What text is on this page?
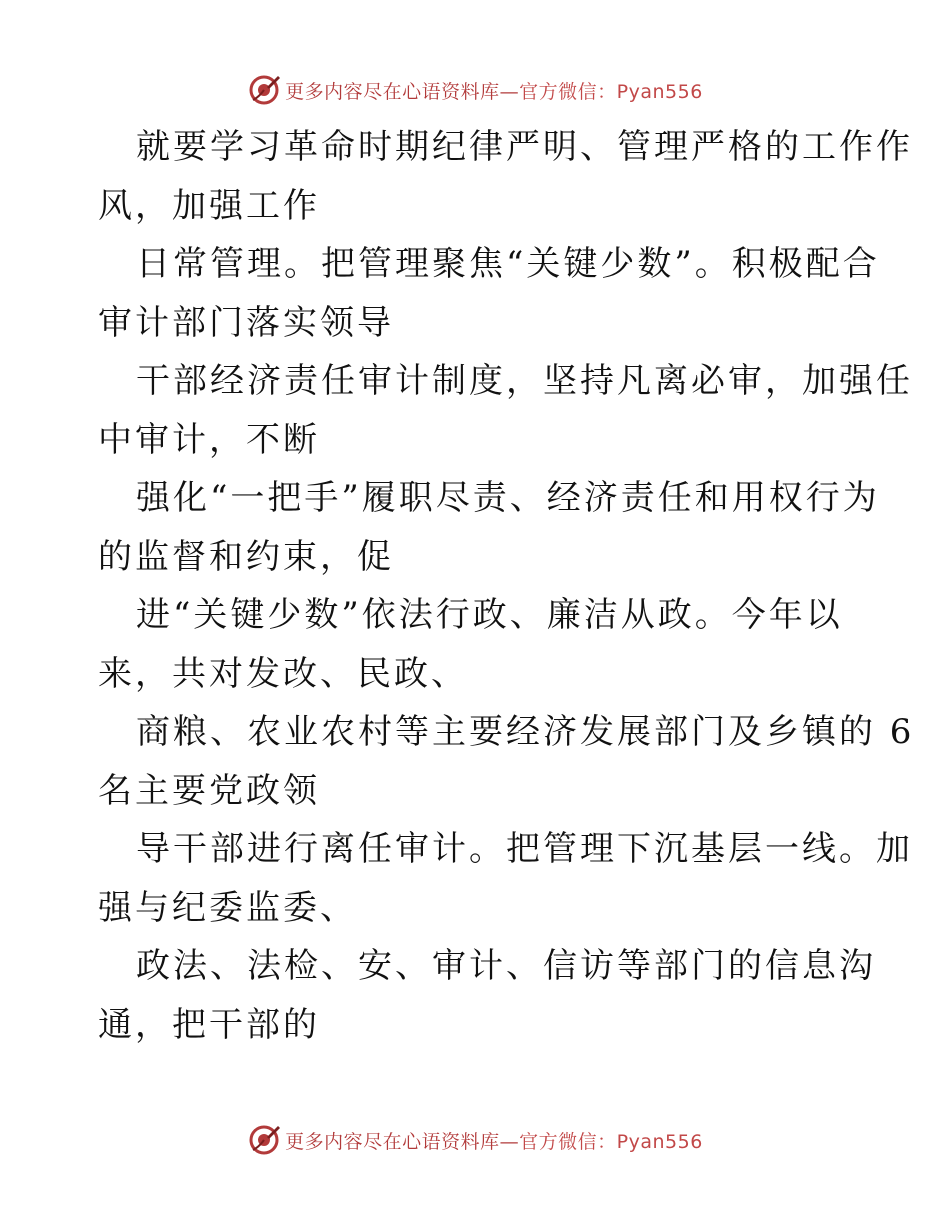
更多内容尽在心语资料库—官方微信：Pyan556
就要学习革命时期纪律严明、管理严格的工作作
风，加强工作
日常管理。把管理聚焦“关键少数”。积极配合
审计部门落实领导
干部经济责任审计制度，坚持凡离必审，加强任
中审计，不断
强化“一把手”履职尽责、经济责任和用权行为
的监督和约束，促
进“关键少数”依法行政、廉洁从政。今年以
来，共对发改、民政、
商粮、农业农村等主要经济发展部门及乡镇的 6
名主要党政领
导干部进行离任审计。把管理下沉基层一线。加
强与纪委监委、
政法、法检、安、审计、信访等部门的信息沟
通，把干部的
更多内容尽在心语资料库—官方微信：Pyan556
